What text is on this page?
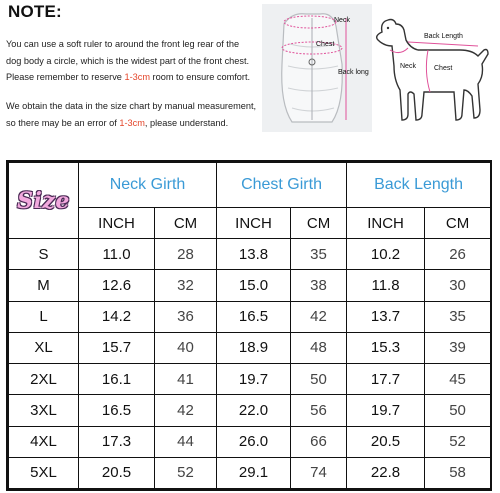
NOTE:
You can use a soft ruler to around the front leg rear of the
dog body a circle, which is the widest part of the front chest.
Please remember to reserve 1-3cm room to ensure comfort.
We obtain the data in the size chart by manual measurement,
so there may be an error of 1-3cm, please understand.
Neck
Chest
Back long
Back Length
Neck	Chest
Size	Neck Girth		Chest Girth		Back Length	
	INCH	CM	INCH	CM	INCH	CM
S	11.0	28	13.8	35	10.2	26
M	12.6	32	15.0	38	11.8	30
L	14.2	36	16.5	42	13.7	35
XL	15.7	40	18.9	48	15.3	39
2XL	16.1	41	19.7	50	17.7	45
3XL	16.5	42	22.0	56	19.7	50
4XL	17.3	44	26.0	66	20.5	52
5XL	20.5	52	29.1	74	22.8	58
